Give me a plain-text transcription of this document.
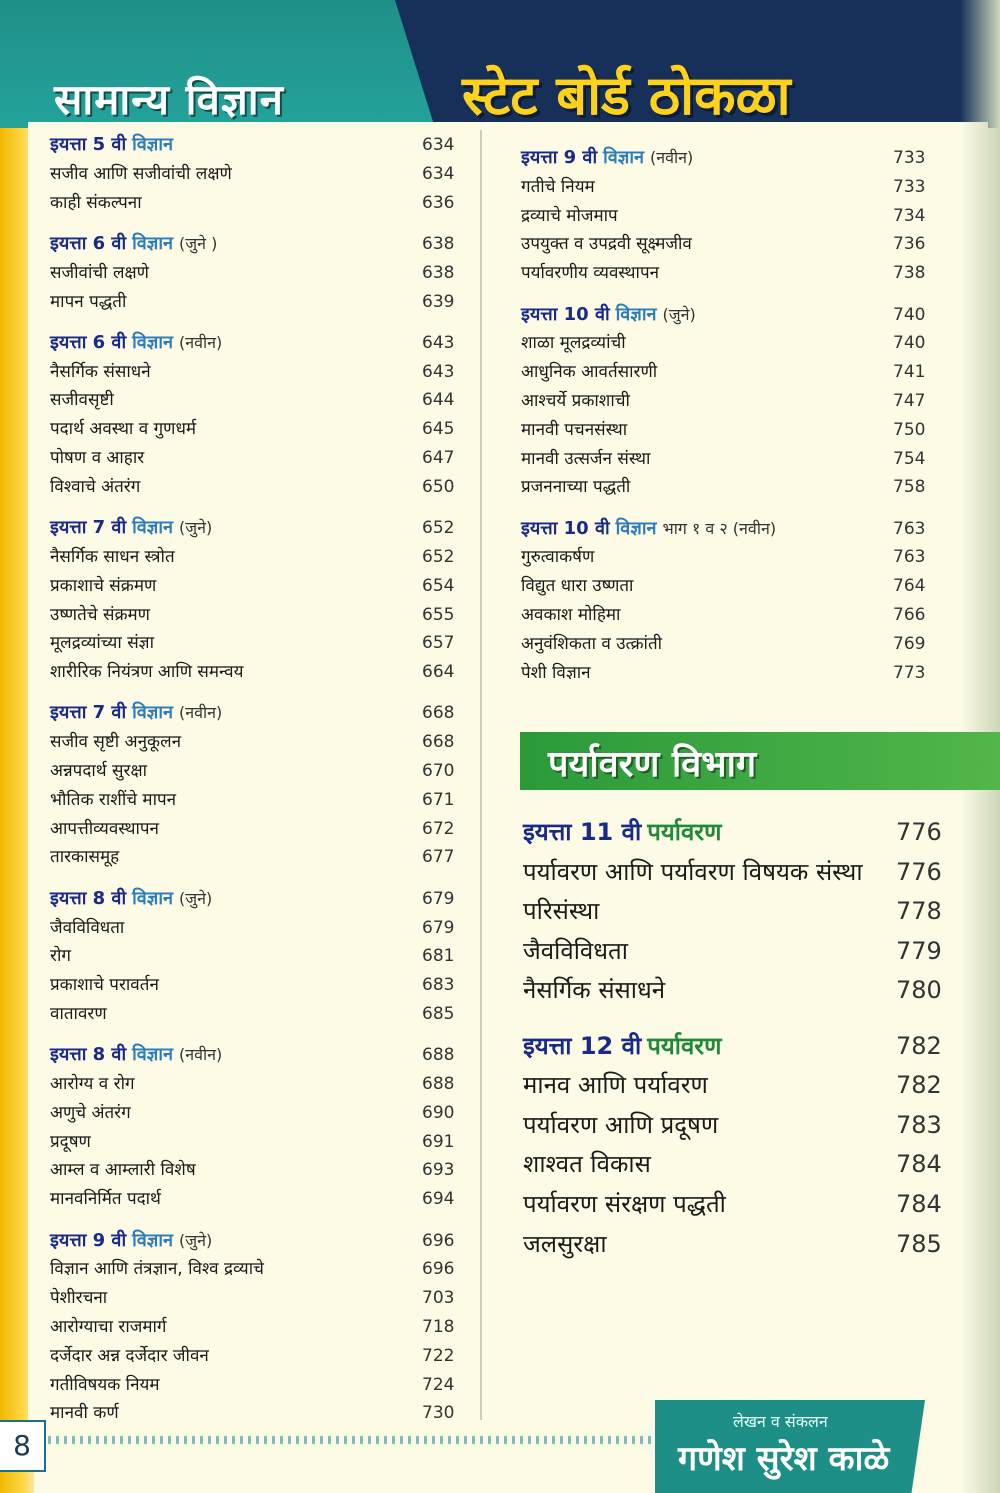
सामान्य विज्ञान	स्टेट बोर्ड ठोकळा
इयत्ता 5 वी विज्ञान	634
सजीव आणि सजीवांची लक्षणे	634
काही संकल्पना	636
इयत्ता 6 वी विज्ञान (जुने )	638
सजीवांची लक्षणे	638
मापन पद्धती	639
इयत्ता 6 वी विज्ञान (नवीन)	643
नैसर्गिक संसाधने	643
सजीवसृष्टी	644
पदार्थ अवस्था व गुणधर्म	645
पोषण व आहार	647
विश्वाचे अंतरंग	650
इयत्ता 7 वी विज्ञान (जुने)	652
नैसर्गिक साधन स्त्रोत	652
प्रकाशाचे संक्रमण	654
उष्णतेचे संक्रमण	655
मूलद्रव्यांच्या संज्ञा	657
शारीरिक नियंत्रण आणि समन्वय	664
इयत्ता 7 वी विज्ञान (नवीन)	668
सजीव सृष्टी अनुकूलन	668
अन्नपदार्थ सुरक्षा	670
भौतिक राशींचे मापन	671
आपत्तीव्यवस्थापन	672
तारकासमूह	677
इयत्ता 8 वी विज्ञान (जुने)	679
जैवविविधता	679
रोग	681
प्रकाशाचे परावर्तन	683
वातावरण	685
इयत्ता 8 वी विज्ञान (नवीन)	688
आरोग्य व रोग	688
अणुचे अंतरंग	690
प्रदूषण	691
आम्ल व आम्लारी विशेष	693
मानवनिर्मित पदार्थ	694
इयत्ता 9 वी विज्ञान (जुने)	696
विज्ञान आणि तंत्रज्ञान, विश्व द्रव्याचे	696
पेशीरचना	703
आरोग्याचा राजमार्ग	718
दर्जेदार अन्न दर्जेदार जीवन	722
गतीविषयक नियम	724
मानवी कर्ण	730
इयत्ता 9 वी विज्ञान (नवीन)	733
गतीचे नियम	733
द्रव्याचे मोजमाप	734
उपयुक्त व उपद्रवी सूक्ष्मजीव	736
पर्यावरणीय व्यवस्थापन	738
इयत्ता 10 वी विज्ञान (जुने)	740
शाळा मूलद्रव्यांची	740
आधुनिक आवर्तसारणी	741
आश्चर्ये प्रकाशाची	747
मानवी पचनसंस्था	750
मानवी उत्सर्जन संस्था	754
प्रजननाच्या पद्धती	758
इयत्ता 10 वी विज्ञान भाग १ व २ (नवीन)	763
गुरुत्वाकर्षण	763
विद्युत धारा उष्णता	764
अवकाश मोहिमा	766
अनुवंशिकता व उत्क्रांती	769
पेशी विज्ञान	773
पर्यावरण विभाग
इयत्ता 11 वी पर्यावरण	776
पर्यावरण आणि पर्यावरण विषयक संस्था 776
परिसंस्था	778
जैवविविधता	779
नैसर्गिक संसाधने	780
इयत्ता 12 वी पर्यावरण	782
मानव आणि पर्यावरण	782
पर्यावरण आणि प्रदूषण	783
शाश्वत विकास	784
पर्यावरण संरक्षण पद्धती	784
जलसुरक्षा	785
8
लेखन व संकलन
गणेश सुरेश काळे
